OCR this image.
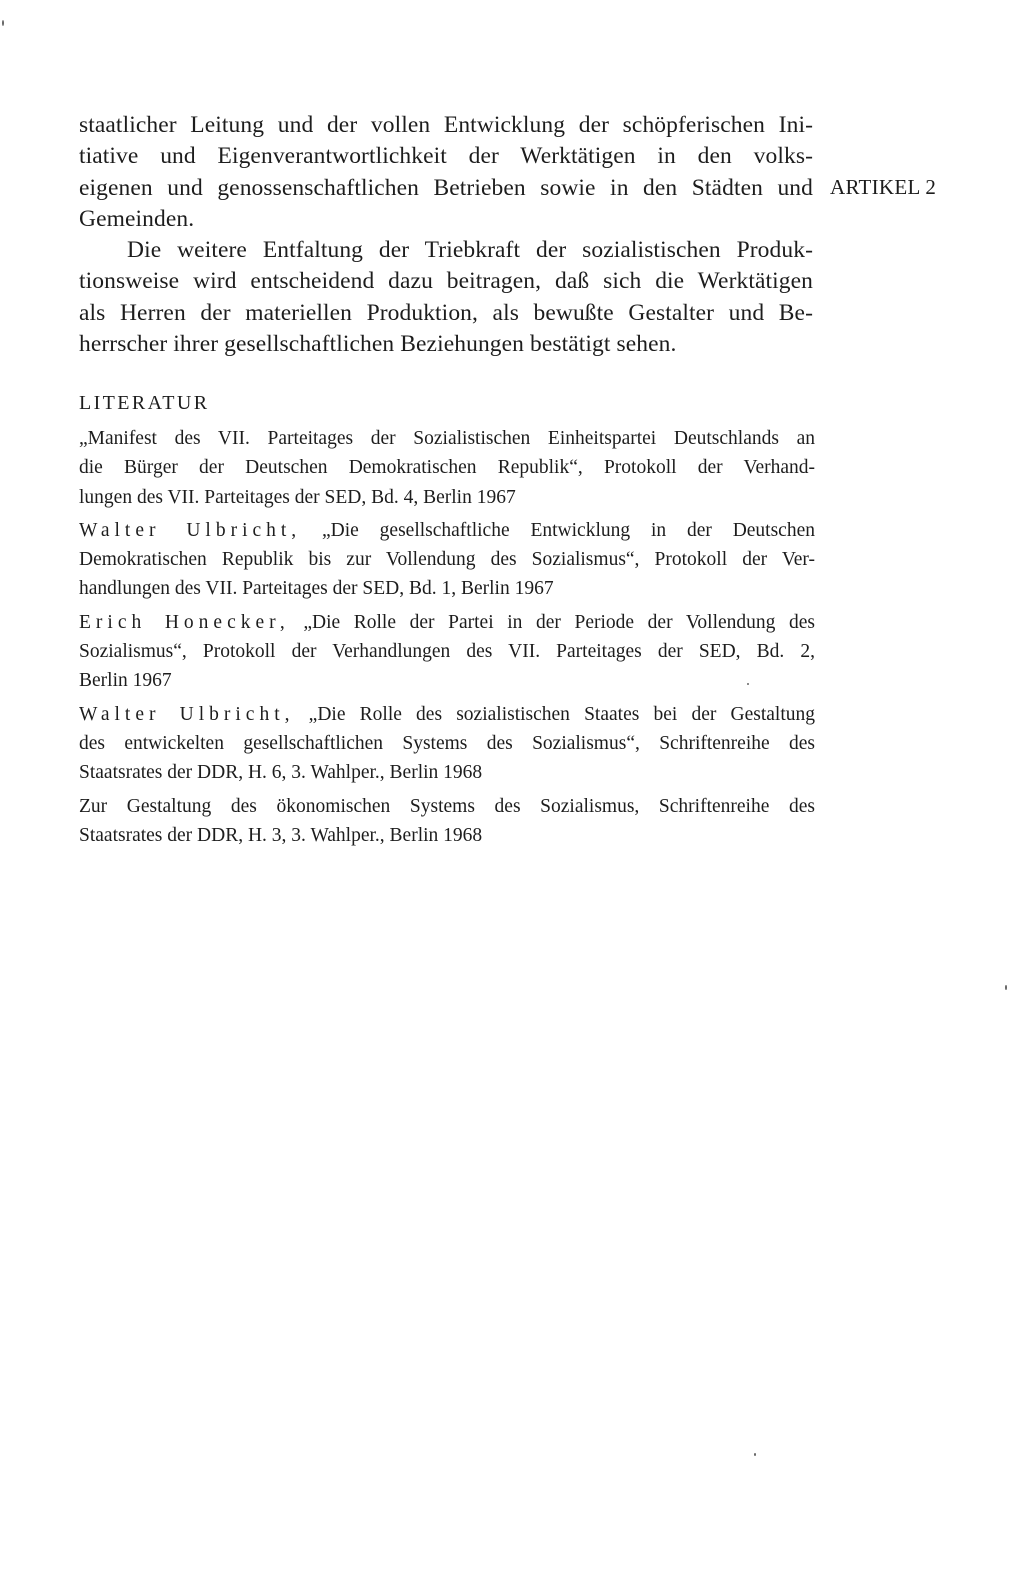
staatlicher Leitung und der vollen Entwicklung der schöpferischen Ini-
tiative und Eigenverantwortlichkeit der Werktätigen in den volks-
eigenen und genossenschaftlichen Betrieben sowie in den Städten und
Gemeinden.
Die weitere Entfaltung der Triebkraft der sozialistischen Produk-
tionsweise wird entscheidend dazu beitragen, daß sich die Werktätigen
als Herren der materiellen Produktion, als bewußte Gestalter und Be-
herrscher ihrer gesellschaftlichen Beziehungen bestätigt sehen.
ARTIKEL 2
LITERATUR
„Manifest des VII. Parteitages der Sozialistischen Einheitspartei Deutschlands an
die Bürger der Deutschen Demokratischen Republik“, Protokoll der Verhand-
lungen des VII. Parteitages der SED, Bd. 4, Berlin 1967
Walter Ulbricht, „Die gesellschaftliche Entwicklung in der Deutschen
Demokratischen Republik bis zur Vollendung des Sozialismus“, Protokoll der Ver-
handlungen des VII. Parteitages der SED, Bd. 1, Berlin 1967
Erich Honecker, „Die Rolle der Partei in der Periode der Vollendung des
Sozialismus“, Protokoll der Verhandlungen des VII. Parteitages der SED, Bd. 2,
Berlin 1967
Walter Ulbricht, „Die Rolle des sozialistischen Staates bei der Gestaltung
des entwickelten gesellschaftlichen Systems des Sozialismus“, Schriftenreihe des
Staatsrates der DDR, H. 6, 3. Wahlper., Berlin 1968
Zur Gestaltung des ökonomischen Systems des Sozialismus, Schriftenreihe des
Staatsrates der DDR, H. 3, 3. Wahlper., Berlin 1968
